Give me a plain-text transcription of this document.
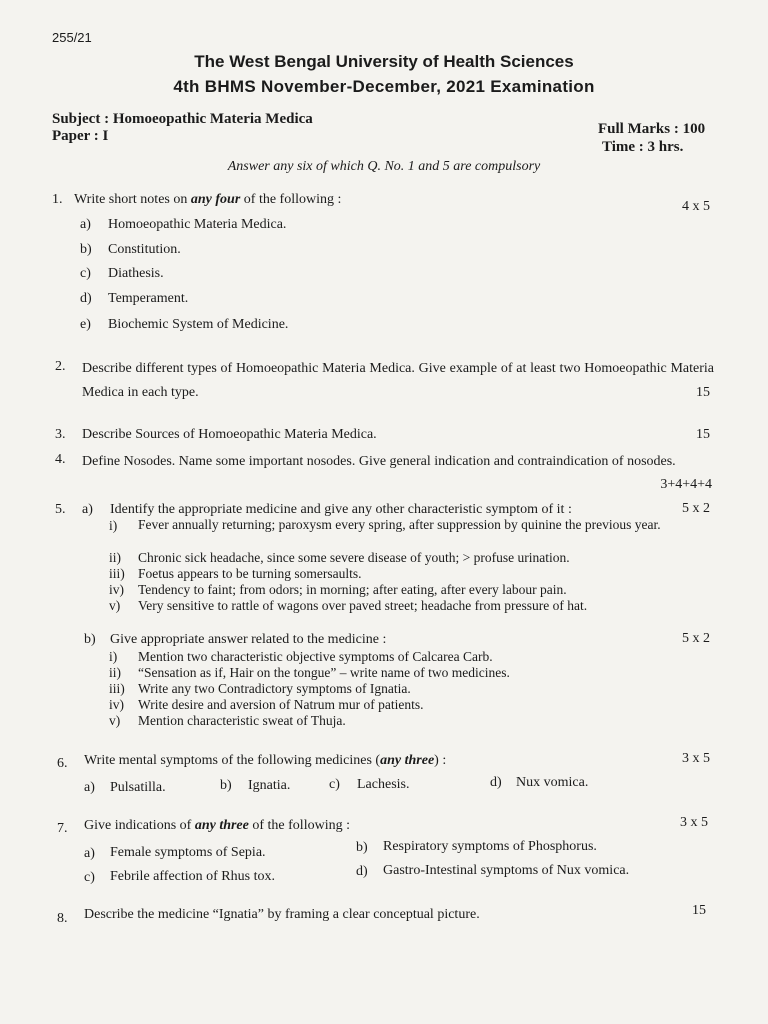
255/21
The West Bengal University of Health Sciences
4th BHMS November-December, 2021 Examination
Subject : Homoeopathic Materia Medica
Paper : I	Full Marks : 100
Time : 3 hrs.
Answer any six of which Q. No. 1 and 5 are compulsory
1. Write short notes on any four of the following :	4 x 5
a) Homoeopathic Materia Medica.
b) Constitution.
c) Diathesis.
d) Temperament.
e) Biochemic System of Medicine.
2. Describe different types of Homoeopathic Materia Medica. Give example of at least two Homoeopathic Materia Medica in each type.	15
3. Describe Sources of Homoeopathic Materia Medica.	15
4. Define Nosodes. Name some important nosodes. Give general indication and contraindication of nosodes.
3+4+4+4
5. a) Identify the appropriate medicine and give any other characteristic symptom of it :	5 x 2
i) Fever annually returning; paroxysm every spring, after suppression by quinine the previous year.
ii) Chronic sick headache, since some severe disease of youth; > profuse urination.
iii) Foetus appears to be turning somersaults.
iv) Tendency to faint; from odors; in morning; after eating, after every labour pain.
v) Very sensitive to rattle of wagons over paved street; headache from pressure of hat.
b) Give appropriate answer related to the medicine :	5 x 2
i) Mention two characteristic objective symptoms of Calcarea Carb.
ii) “Sensation as if, Hair on the tongue” – write name of two medicines.
iii) Write any two Contradictory symptoms of Ignatia.
iv) Write desire and aversion of Natrum mur of patients.
v) Mention characteristic sweat of Thuja.
6. Write mental symptoms of the following medicines (any three) :	3 x 5
a) Pulsatilla.	b) Ignatia.	c) Lachesis.	d) Nux vomica.
7. Give indications of any three of the following :	3 x 5
a) Female symptoms of Sepia.	b) Respiratory symptoms of Phosphorus.
c) Febrile affection of Rhus tox.	d) Gastro-Intestinal symptoms of Nux vomica.
8. Describe the medicine “Ignatia” by framing a clear conceptual picture.	15
